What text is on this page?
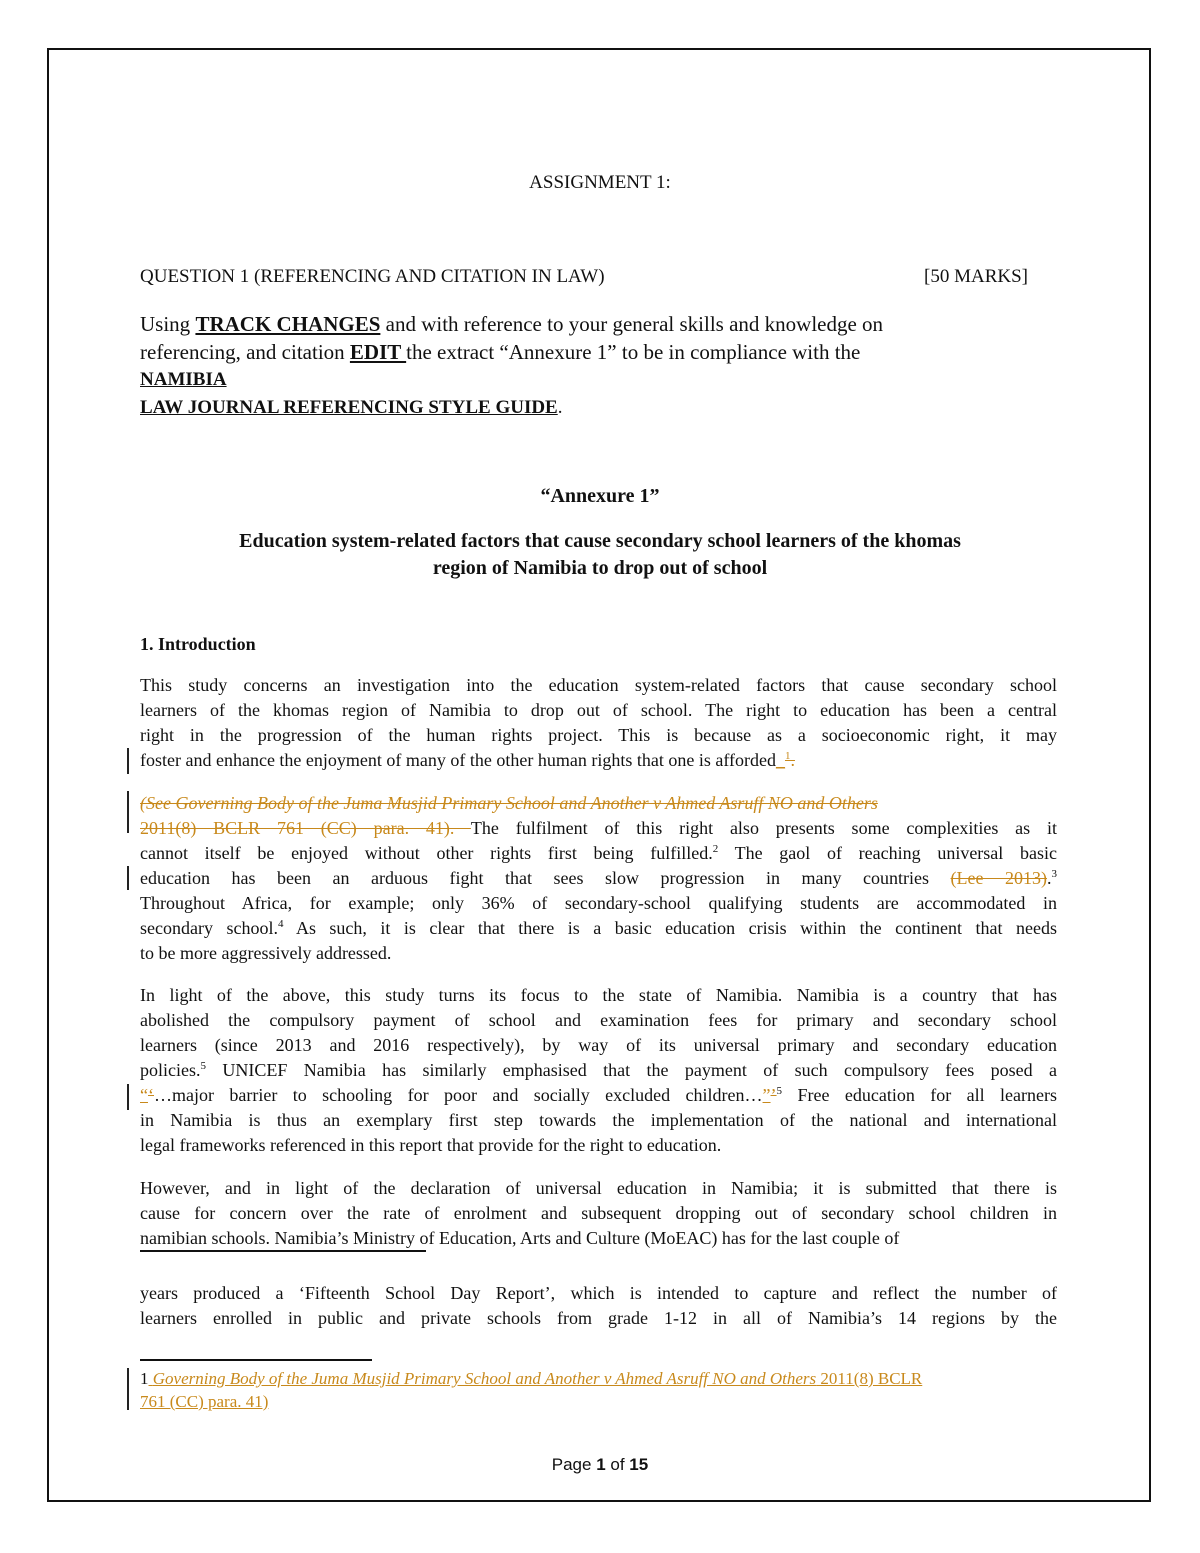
ASSIGNMENT 1:
QUESTION 1 (REFERENCING AND CITATION IN LAW)	[50 MARKS]
Using TRACK CHANGES and with reference to your general skills and knowledge on
referencing, and citation EDIT the extract “Annexure 1” to be in compliance with the
NAMIBIA
LAW JOURNAL REFERENCING STYLE GUIDE.
“Annexure 1”
Education system-related factors that cause secondary school learners of the khomas
region of Namibia to drop out of school
1. Introduction
This study concerns an investigation into the education system-related factors that cause secondary school
learners of the khomas region of Namibia to drop out of school. The right to education has been a central
right in the progression of the human rights project. This is because as a socioeconomic right, it may
foster and enhance the enjoyment of many of the other human rights that one is afforded_$^1$.
(See Governing Body of the Juma Musjid Primary School and Another v Ahmed Asruff NO and Others
2011(8) BCLR 761 (CC) para. 41). The fulfilment of this right also presents some complexities as it
cannot itself be enjoyed without other rights first being fulfilled.$^2$ The gaol of reaching universal basic
education has been an arduous fight that sees slow progression in many countries (Lee 2013).$^3$
Throughout Africa, for example; only 36% of secondary-school qualifying students are accommodated in
secondary school.$^4$ As such, it is clear that there is a basic education crisis within the continent that needs
to be more aggressively addressed.
In light of the above, this study turns its focus to the state of Namibia. Namibia is a country that has
abolished the compulsory payment of school and examination fees for primary and secondary school
learners (since 2013 and 2016 respectively), by way of its universal primary and secondary education
policies.$^5$ UNICEF Namibia has similarly emphasised that the payment of such compulsory fees posed a
“‘…major barrier to schooling for poor and socially excluded children…”’$^5$ Free education for all learners
in Namibia is thus an exemplary first step towards the implementation of the national and international
legal frameworks referenced in this report that provide for the right to education.
However, and in light of the declaration of universal education in Namibia; it is submitted that there is
cause for concern over the rate of enrolment and subsequent dropping out of secondary school children in
namibian schools. Namibia’s Ministry of Education, Arts and Culture (MoEAC) has for the last couple of
years produced a ‘Fifteenth School Day Report’, which is intended to capture and reflect the number of
learners enrolled in public and private schools from grade 1-12 in all of Namibia’s 14 regions by the
1 Governing Body of the Juma Musjid Primary School and Another v Ahmed Asruff NO and Others 2011(8) BCLR
761 (CC) para. 41)
Page 1 of 15
